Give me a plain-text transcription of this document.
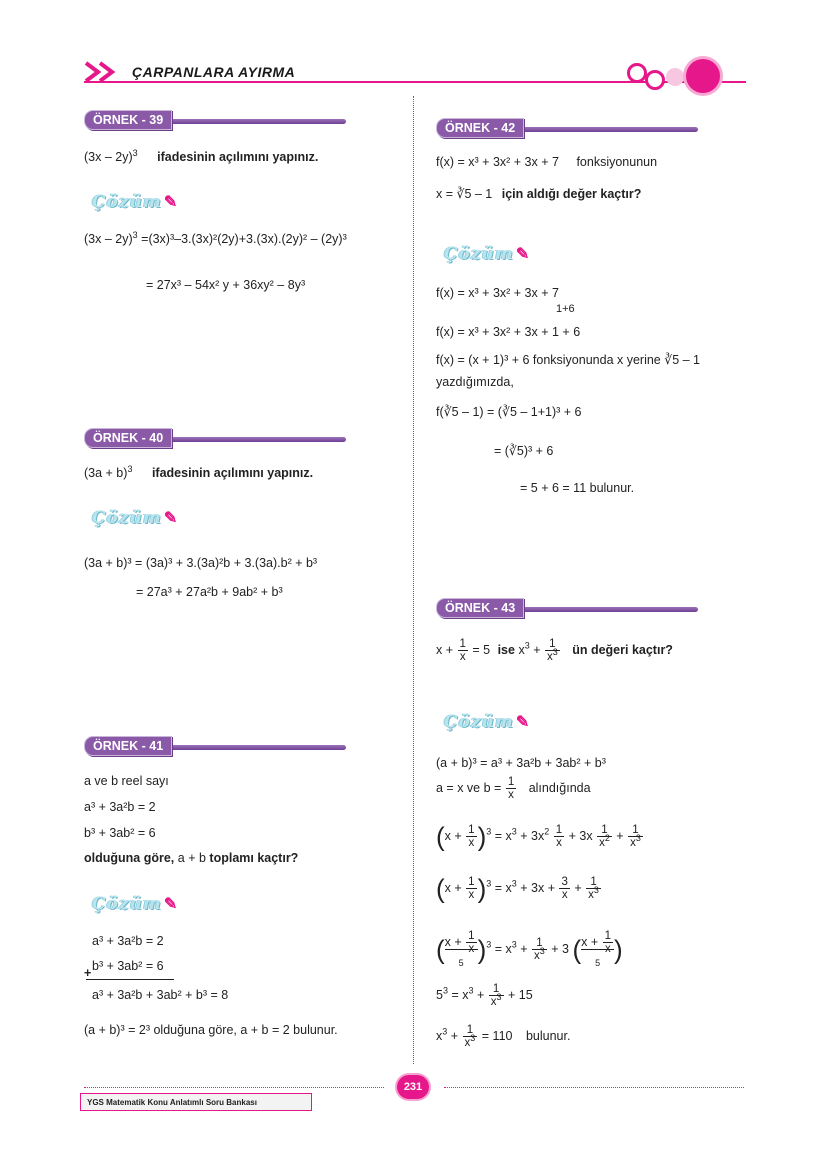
ÇARPANLARA AYIRMA
ÖRNEK - 39
(3x – 2y)$^3$ ifadesinin açılımını yapınız.
Çözüm ✎
(3x – 2y)$^3$ =(3x)³–3.(3x)²(2y)+3.(3x).(2y)² – (2y)³
= 27x³ – 54x² y + 36xy² – 8y³
ÖRNEK - 40
$(3a + b)^3$ ifadesinin açılımını yapınız.
Çözüm ✎
(3a + b)³ = (3a)³ + 3.(3a)²b + 3.(3a).b² + b³
= 27a³ + 27a²b + 9ab² + b³
ÖRNEK - 41
a ve b reel sayı
a³ + 3a²b = 2
b³ + 3ab² = 6
olduğuna göre, a + b toplamı kaçtır?
Çözüm ✎
a³ + 3a²b = 2
+ b³ + 3ab² = 6
a³ + 3a²b + 3ab² + b³ = 8
(a + b)³ = 2³ olduğuna göre, a + b = 2 bulunur.
ÖRNEK - 42
f(x) = x³ + 3x² + 3x + 7 fonksiyonunun
x = ∛5 – 1 için aldığı değer kaçtır?
Çözüm ✎
f(x) = x³ + 3x² + 3x + 7
1+6
f(x) = x³ + 3x² + 3x + 1 + 6
f(x) = (x + 1)³ + 6 fonksiyonunda x yerine ∛5 – 1
yazdığımızda,
f(∛5 – 1) = (∛5 – 1+1)³ + 6
= (∛5)³ + 6
= 5 + 6 = 11 bulunur.
ÖRNEK - 43
$x + \frac{1}{x} = 5$ ise $x^3 + \frac{1}{x^3}$ ün değeri kaçtır?
Çözüm ✎
(a + b)³ = a³ + 3a²b + 3ab² + b³
a = x ve $b = \frac{1}{x}$ alındığında
$(x + \frac{1}{x} )^3 = x^3 + 3x^2 \frac{1}{x} + 3x \frac{1}{x^2} + \frac{1}{x^3}$
$(x + \frac{1}{x} )^3 = x^3 + 3x + \frac{3}{x} + \frac{1}{x^3}$
($x + \frac{1}{x}$

5 )$^3 = x^3 + \frac{1}{x^3} + 3$ ($x + \frac{1}{x}$

5 )
$5^3 = x^3 + \frac{1}{x^3} + 15$
$x^3 + \frac{1}{x^3} = 110$ bulunur.
231
YGS Matematik Konu Anlatımlı Soru Bankası
